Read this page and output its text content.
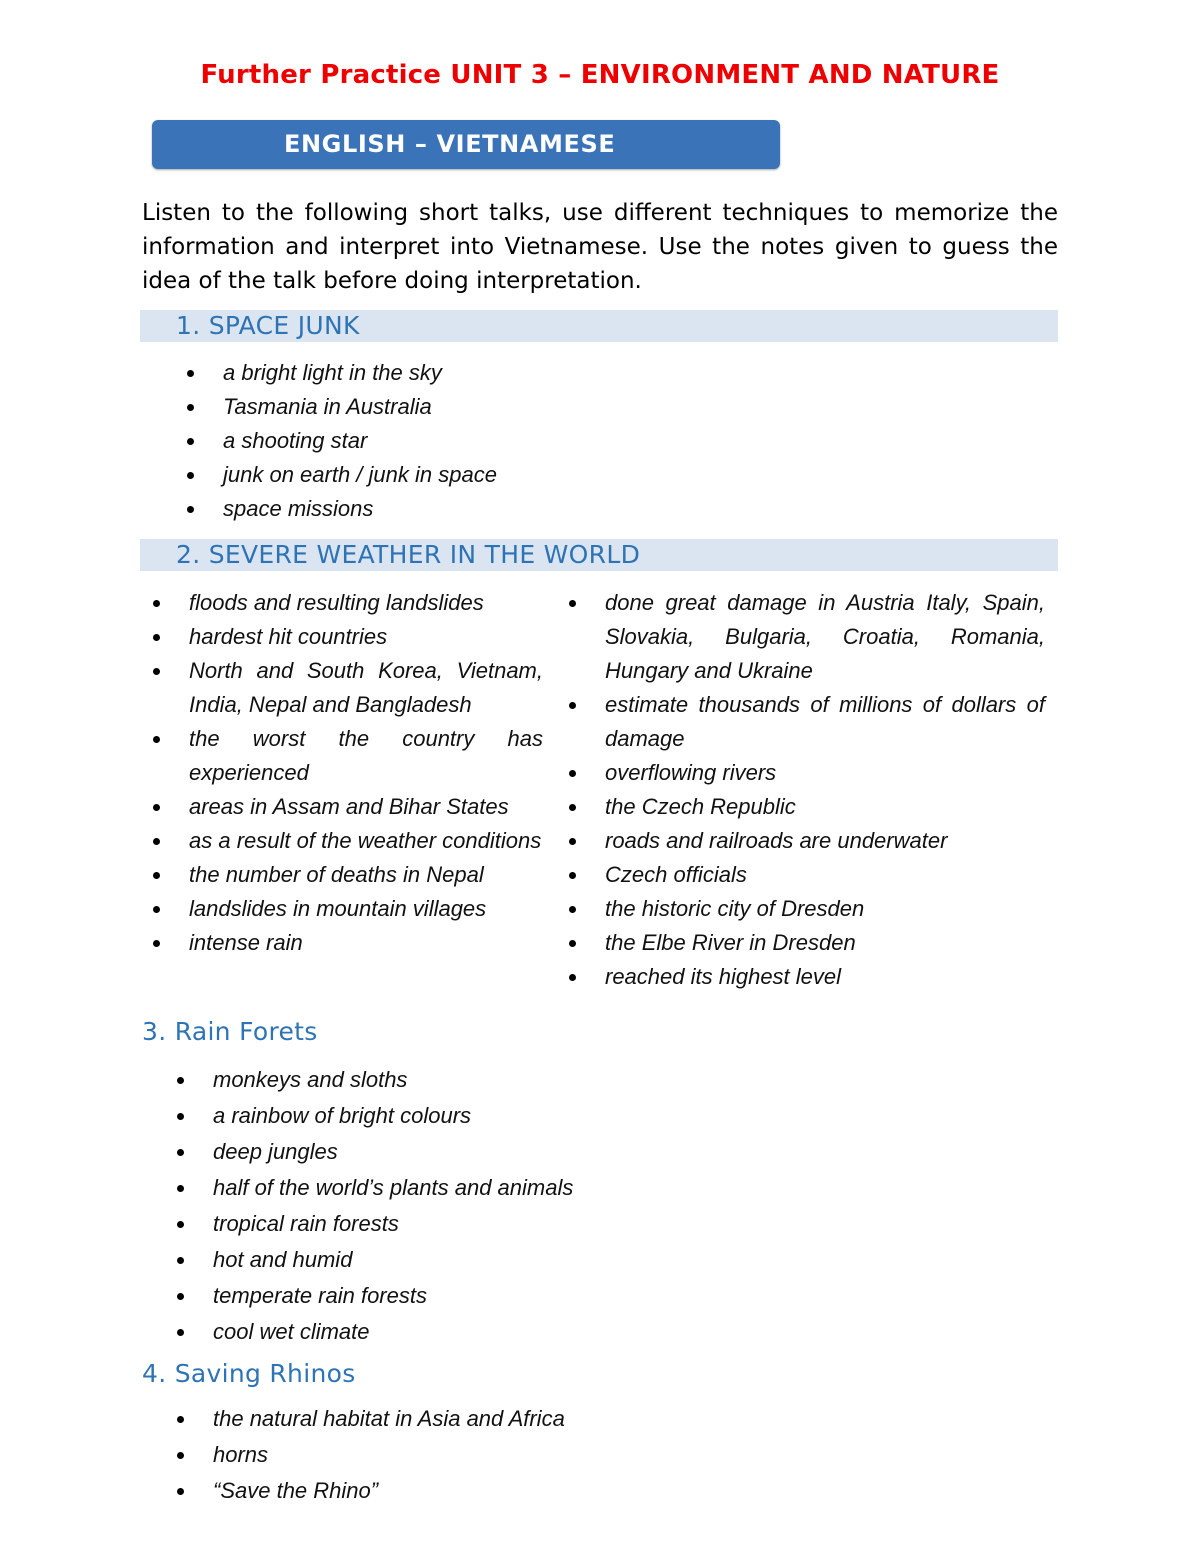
Further Practice UNIT 3 – ENVIRONMENT AND NATURE
ENGLISH – VIETNAMESE

Listen to the following short talks, use different techniques to memorize the information and interpret into Vietnamese. Use the notes given to guess the idea of the talk before doing interpretation.

1. SPACE JUNK
a bright light in the sky
Tasmania in Australia
a shooting star
junk on earth / junk in space
space missions
2. SEVERE WEATHER IN THE WORLD
floods and resulting landslides
hardest hit countries
North and South Korea, Vietnam, India, Nepal and Bangladesh
the worst the country has experienced
areas in Assam and Bihar States
as a result of the weather conditions
the number of deaths in Nepal
landslides in mountain villages
intense rain
done great damage in Austria Italy, Spain, Slovakia, Bulgaria, Croatia, Romania, Hungary and Ukraine
estimate thousands of millions of dollars of damage
overflowing rivers
the Czech Republic
roads and railroads are underwater
Czech officials
the historic city of Dresden
the Elbe River in Dresden
reached its highest level
3. Rain Forets
monkeys and sloths
a rainbow of bright colours
deep jungles
half of the world’s plants and animals
tropical rain forests
hot and humid
temperate rain forests
cool wet climate
4. Saving Rhinos
the natural habitat in Asia and Africa
horns
“Save the Rhino”
